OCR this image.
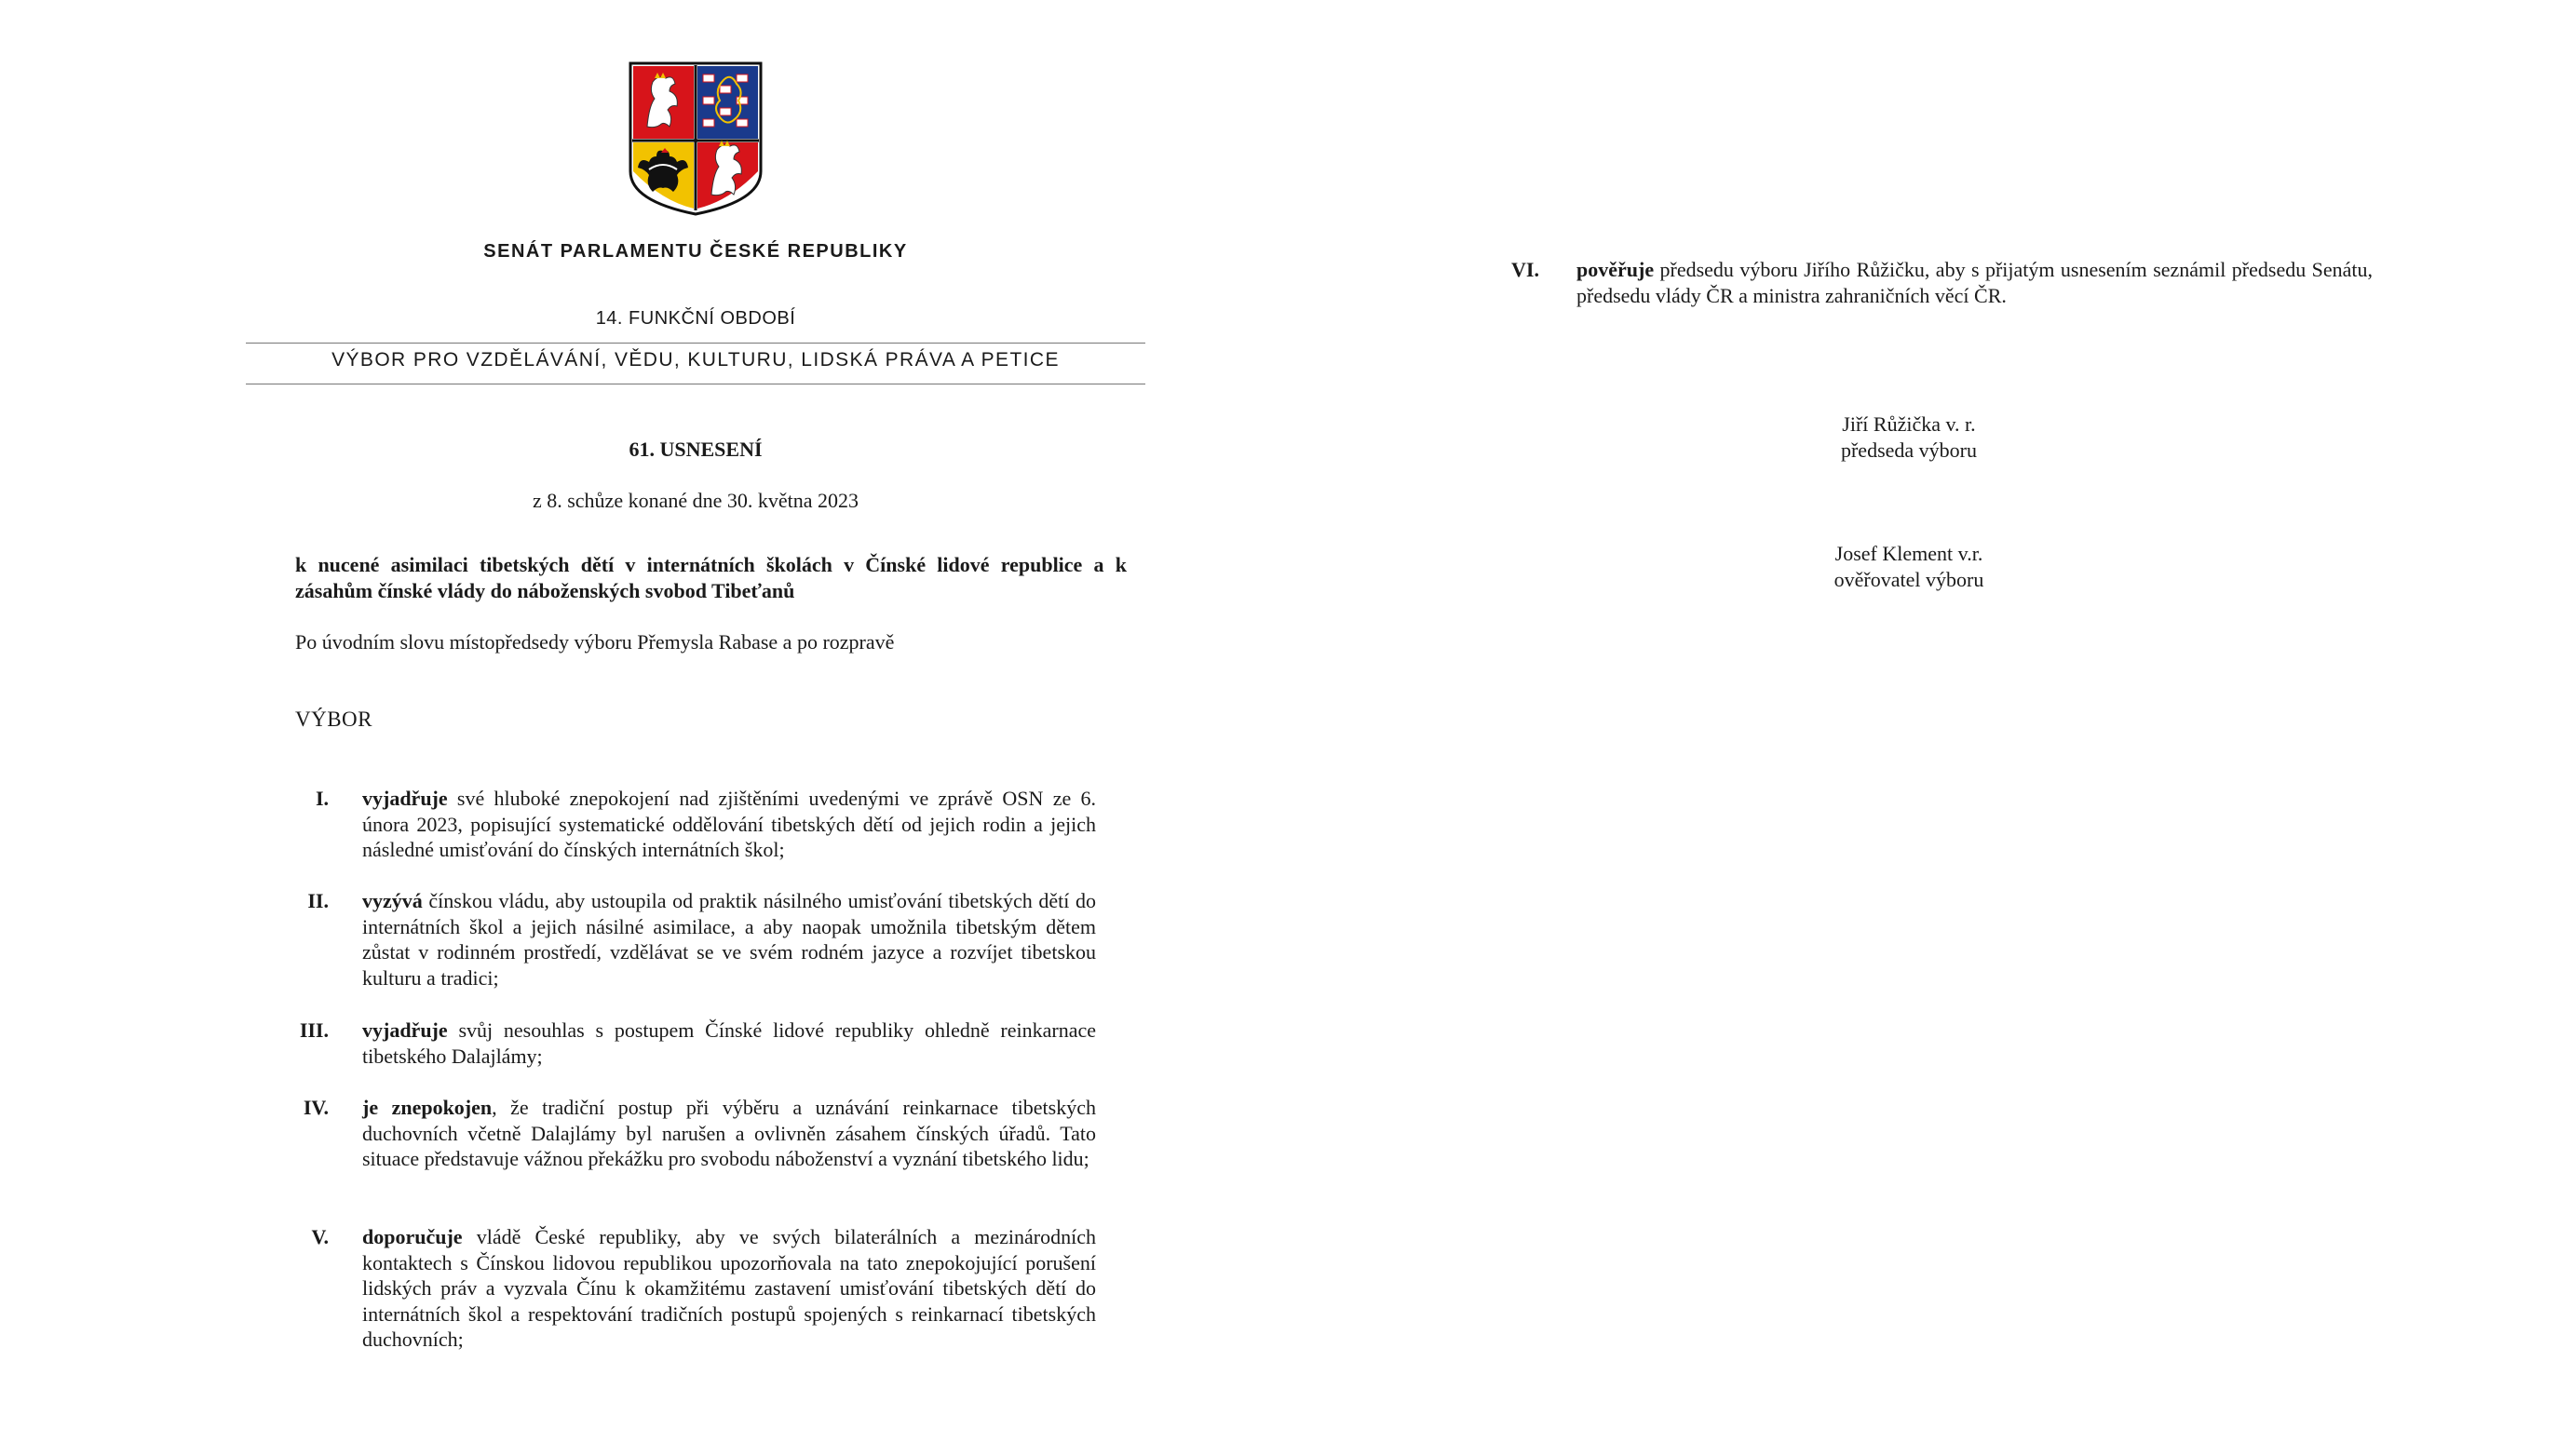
SENÁT PARLAMENTU ČESKÉ REPUBLIKY
14. FUNKČNÍ OBDOBÍ
VÝBOR PRO VZDĚLÁVÁNÍ, VĚDU, KULTURU, LIDSKÁ PRÁVA A PETICE
61. USNESENÍ
z 8. schůze konané dne 30. května 2023
k nucené asimilaci tibetských dětí v internátních školách v Čínské lidové republice a k zásahům čínské vlády do náboženských svobod Tibeťanů
Po úvodním slovu místopředsedy výboru Přemysla Rabase a po rozpravě
VÝBOR
I. vyjadřuje své hluboké znepokojení nad zjištěními uvedenými ve zprávě OSN ze 6. února 2023, popisující systematické oddělování tibetských dětí od jejich rodin a jejich následné umisťování do čínských internátních škol;
II. vyzývá čínskou vládu, aby ustoupila od praktik násilného umisťování tibetských dětí do internátních škol a jejich násilné asimilace, a aby naopak umožnila tibetským dětem zůstat v rodinném prostředí, vzdělávat se ve svém rodném jazyce a rozvíjet tibetskou kulturu a tradici;
III. vyjadřuje svůj nesouhlas s postupem Čínské lidové republiky ohledně reinkarnace tibetského Dalajlámy;
IV. je znepokojen, že tradiční postup při výběru a uznávání reinkarnace tibetských duchovních včetně Dalajlámy byl narušen a ovlivněn zásahem čínských úřadů. Tato situace představuje vážnou překážku pro svobodu náboženství a vyznání tibetského lidu;
V. doporučuje vládě České republiky, aby ve svých bilaterálních a mezinárodních kontaktech s Čínskou lidovou republikou upozorňovala na tato znepokojující porušení lidských práv a vyzvala Čínu k okamžitému zastavení umisťování tibetských dětí do internátních škol a respektování tradičních postupů spojených s reinkarnací tibetských duchovních;
VI. pověřuje předsedu výboru Jiřího Růžičku, aby s přijatým usnesením seznámil předsedu Senátu, předsedu vlády ČR a ministra zahraničních věcí ČR.
Jiří Růžička v. r.
předseda výboru
Josef Klement v.r.
ověřovatel výboru
